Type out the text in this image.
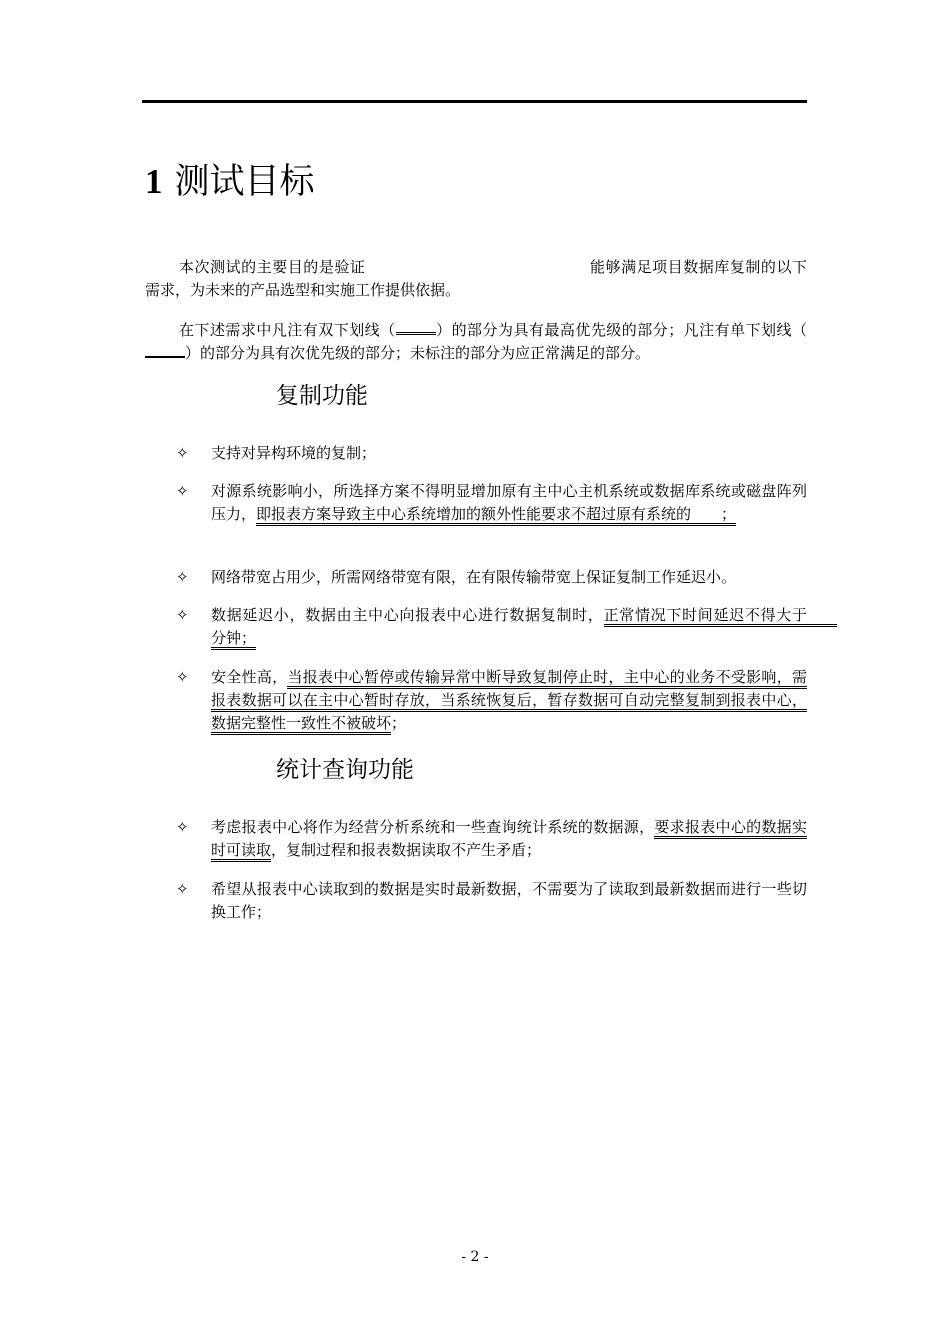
1 测试目标
本次测试的主要目的是验证	能够满足项目数据库复制的以下需求，为未来的产品选型和实施工作提供依据。
在下述需求中凡注有双下划线（	）的部分为具有最高优先级的部分；凡注有单下划线（）的部分为具有次优先级的部分；未标注的部分为应正常满足的部分。
复制功能
✧	支持对异构环境的复制；
✧	对源系统影响小，所选择方案不得明显增加原有主中心主机系统或数据库系统或磁盘阵列压力，即报表方案导致主中心系统增加的额外性能要求不超过原有系统的　　；
✧	网络带宽占用少，所需网络带宽有限，在有限传输带宽上保证复制工作延迟小。
✧	数据延迟小，数据由主中心向报表中心进行数据复制时，正常情况下时间延迟不得大于　　分钟；
✧	安全性高，当报表中心暂停或传输异常中断导致复制停止时，主中心的业务不受影响，需报表数据可以在主中心暂时存放，当系统恢复后，暂存数据可自动完整复制到报表中心，数据完整性一致性不被破坏；
统计查询功能
✧	考虑报表中心将作为经营分析系统和一些查询统计系统的数据源，要求报表中心的数据实时可读取，复制过程和报表数据读取不产生矛盾；
✧	希望从报表中心读取到的数据是实时最新数据，不需要为了读取到最新数据而进行一些切换工作；
- 2 -
